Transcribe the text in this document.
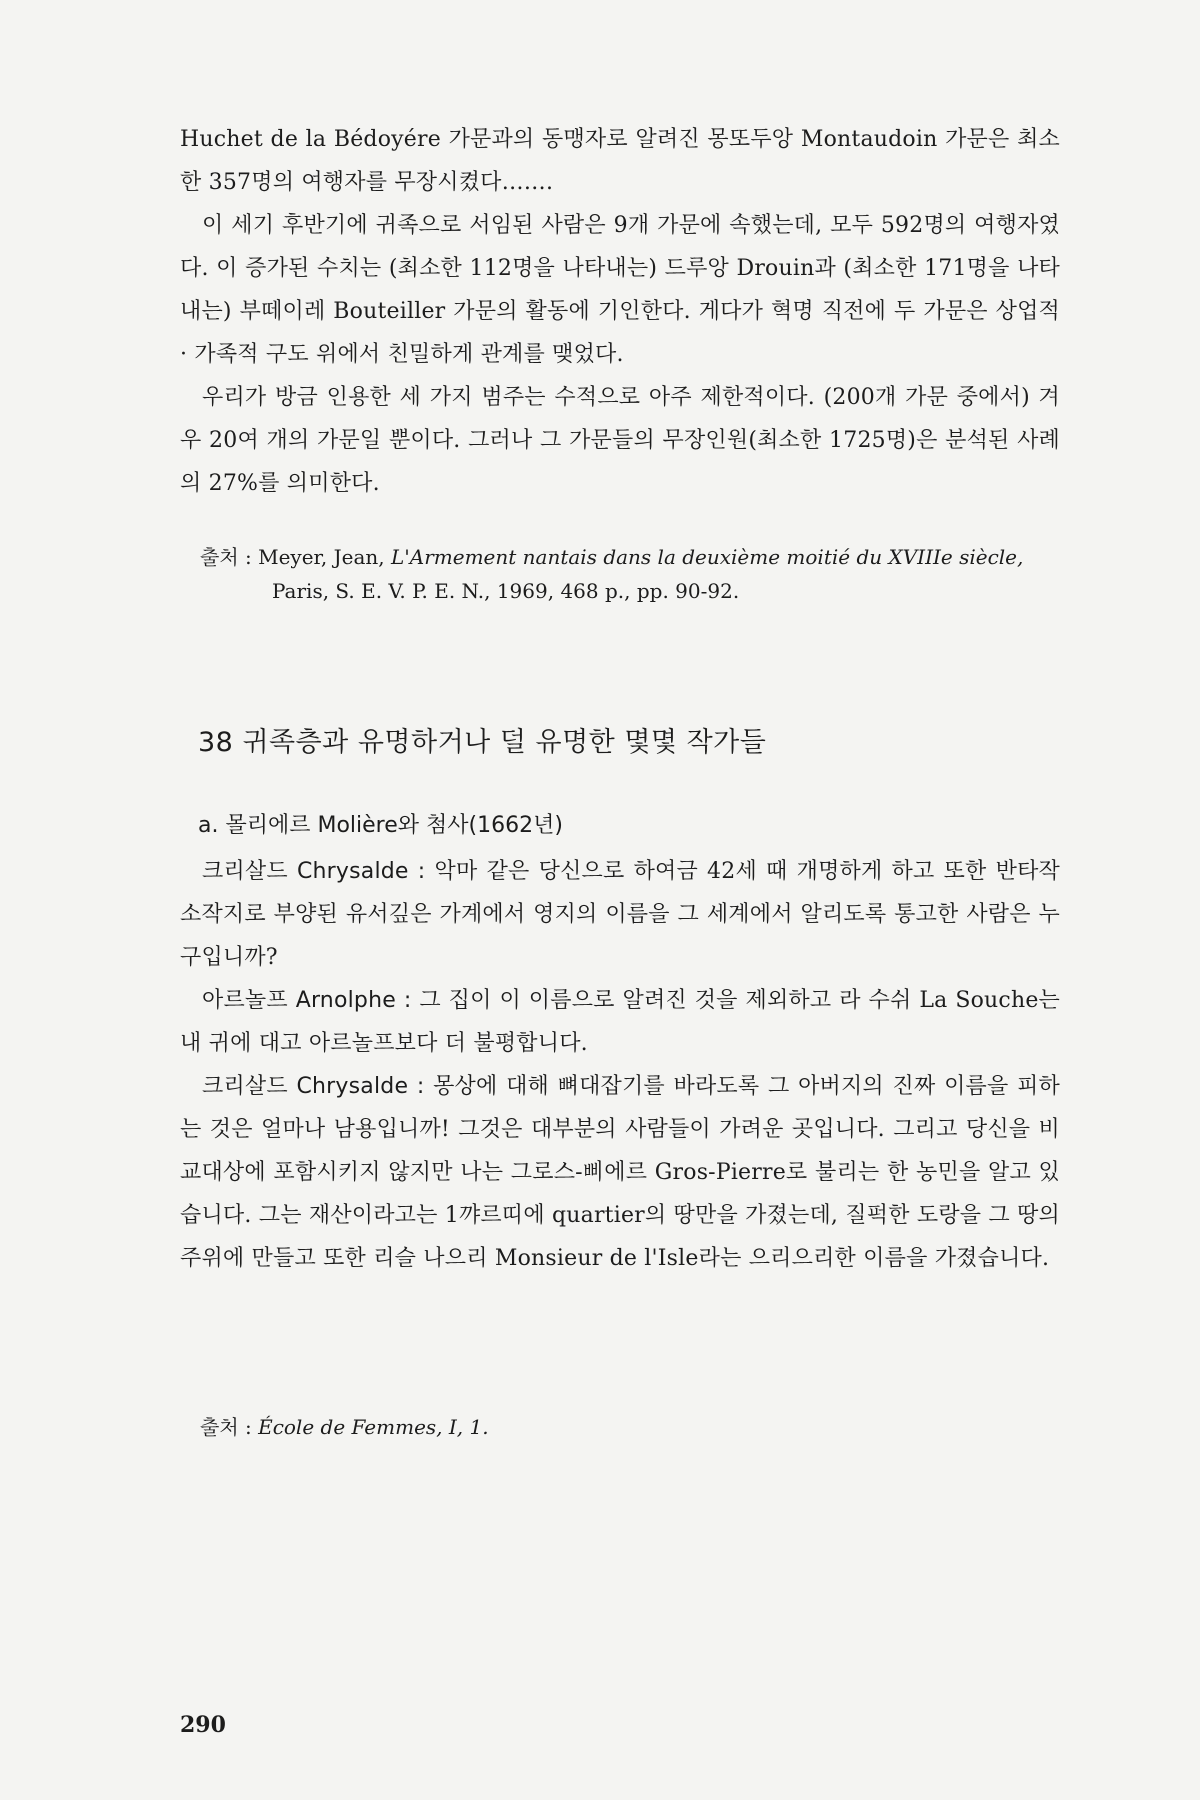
Huchet de la Bédoyére 가문과의 동맹자로 알려진 몽또두앙 Montaudoin 가문은 최소한 357명의 여행자를 무장시켰다…….

이 세기 후반기에 귀족으로 서임된 사람은 9개 가문에 속했는데, 모두 592명의 여행자였다. 이 증가된 수치는 (최소한 112명을 나타내는) 드루앙 Drouin과 (최소한 171명을 나타내는) 부떼이레 Bouteiller 가문의 활동에 기인한다. 게다가 혁명 직전에 두 가문은 상업적 · 가족적 구도 위에서 친밀하게 관계를 맺었다.

우리가 방금 인용한 세 가지 범주는 수적으로 아주 제한적이다. (200개 가문 중에서) 겨우 20여 개의 가문일 뿐이다. 그러나 그 가문들의 무장인원(최소한 1725명)은 분석된 사례의 27%를 의미한다.

출처 : Meyer, Jean, L'Armement nantais dans la deuxième moitié du XVIIIe siècle,
Paris, S. E. V. P. E. N., 1969, 468 p., pp. 90-92.
38 귀족층과 유명하거나 덜 유명한 몇몇 작가들
a. 몰리에르 Molière와 첨사(1662년)

크리살드 Chrysalde : 악마 같은 당신으로 하여금 42세 때 개명하게 하고 또한 반타작 소작지로 부양된 유서깊은 가계에서 영지의 이름을 그 세계에서 알리도록 통고한 사람은 누구입니까?

아르놀프 Arnolphe : 그 집이 이 이름으로 알려진 것을 제외하고 라 수쉬 La Souche는 내 귀에 대고 아르놀프보다 더 불평합니다.

크리살드 Chrysalde : 몽상에 대해 뼈대잡기를 바라도록 그 아버지의 진짜 이름을 피하는 것은 얼마나 남용입니까! 그것은 대부분의 사람들이 가려운 곳입니다. 그리고 당신을 비교대상에 포함시키지 않지만 나는 그로스-삐에르 Gros-Pierre로 불리는 한 농민을 알고 있습니다. 그는 재산이라고는 1꺄르띠에 quartier의 땅만을 가졌는데, 질퍽한 도랑을 그 땅의 주위에 만들고 또한 리슬 나으리 Monsieur de l'Isle라는 으리으리한 이름을 가졌습니다.

출처 : École de Femmes, I, 1.
290
